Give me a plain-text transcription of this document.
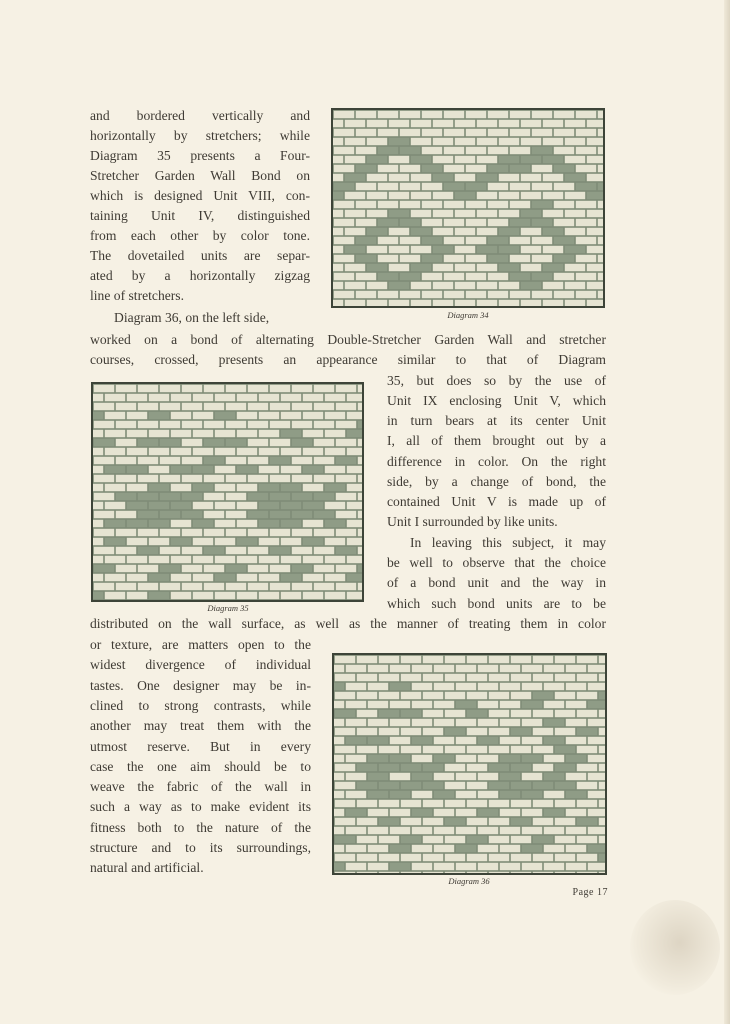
and bordered vertically and

horizontally by stretchers; while

Diagram 35 presents a Four-

Stretcher Garden Wall Bond on

which is designed Unit VIII, con-

taining Unit IV, distinguished

from each other by color tone.

The dovetailed units are separ-

ated by a horizontally zigzag

line of stretchers.

Diagram 36, on the left side,	Diagram 34

worked on a bond of alternating Double-Stretcher Garden Wall and stretcher

courses, crossed, presents an appearance similar to that of Diagram

Diagram 35

35, but does so by the use of

Unit IX enclosing Unit V, which

in turn bears at its center Unit

I, all of them brought out by a

difference in color. On the right

side, by a change of bond, the

contained Unit V is made up of

Unit I surrounded by like units.

In leaving this subject, it may

be well to observe that the choice

of a bond unit and the way in

which such bond units are to be

distributed on the wall surface, as well as the manner of treating them in color

or texture, are matters open to the

widest divergence of individual

tastes. One designer may be in-

clined to strong contrasts, while

another may treat them with the

utmost reserve. But in every

case the one aim should be to

weave the fabric of the wall in

such a way as to make evident its

fitness both to the nature of the

structure and to its surroundings,

natural and artificial.

Diagram 36
Page 17
